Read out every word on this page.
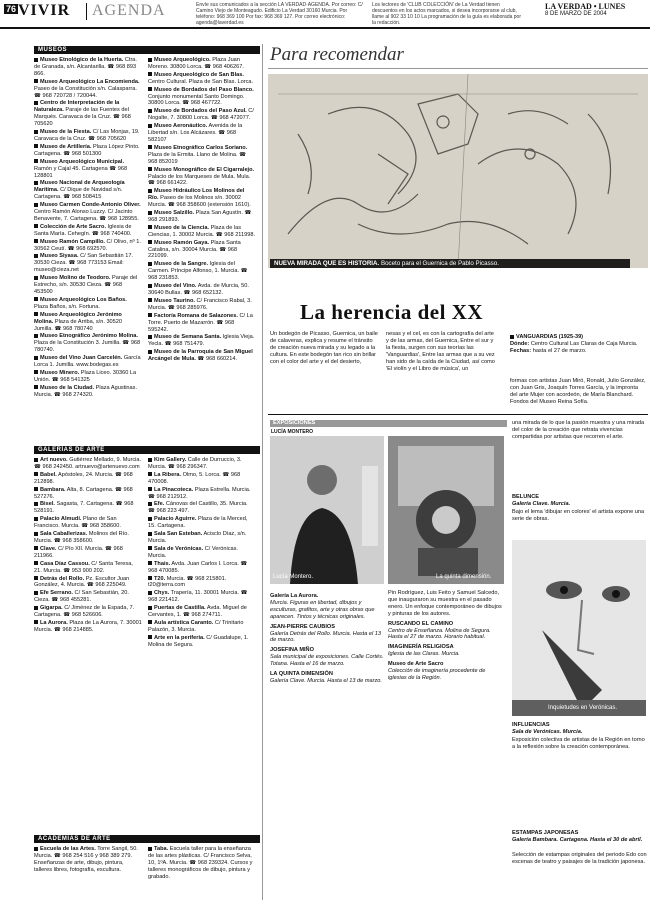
76 VIVIR AGENDA	Envíe sus comunicados a la sección LA VERDAD·AGENDA. Por correo: C/ Camino Viejo de Monteagudo. Edificio La Verdad 30160 Murcia. Por teléfono: 968 369 100 Por fax: 968 369 127. Por correo electrónico: agenda@laverdad.es
Los lectores de 'CLUB COLECCIÓN' de La Verdad tienen descuentos en los actos marcados, si desea incorporarse al club, llame al 902 33 10 10 La programación de la guía es elaborada por la redacción.
LA VERDAD • LUNES
8 DE MARZO DE 2004
MUSEOS
Museo Etnológico de la Huerta. Ctra. de Granada, s/n. Alcantarilla. ☎ 968 893 866.
Museo Arqueológico La Encomienda. Paseo de la Constitución s/n. Calasparra. ☎ 968 720728 / 720044.
Centro de Interpretación de la Naturaleza. Paraje de las Fuentes del Marqués. Caravaca de la Cruz. ☎ 968 705620
Museo de la Fiesta. C/ Las Monjas, 19. Caravaca de la Cruz. ☎ 968 705620
Museo de Artillería. Plaza López Pinto. Cartagena. ☎ 968 501300
Museo Arqueológico Municipal. Ramón y Cajal 45. Cartagena ☎ 968 128801
Museo Nacional de Arqueología Marítima. C/ Dique de Navidad s/n. Cartagena. ☎ 968 508415
Museo Carmen Conde-Antonio Oliver. Centro Ramón Alonso Luzzy. C/ Jacinto Benavente, 7. Cartagena. ☎ 968 128955.
Colección de Arte Sacro. Iglesia de Santa María. Cehegín. ☎ 968 740400.
Museo Ramón Campillo. C/ Olivo, nº 1. 30562 Ceutí. ☎ 968 692570.
Museo Siyasa. C/ San Sebastián 17. 30530 Cieza. ☎ 968 773153 Email: museo@cieza.net
Museo Molino de Teodoro. Paraje del Estrecho, s/n. 30530 Cieza. ☎ 968 453500
Museo Arqueológico Los Baños. Plaza Baños, s/n. Fortuna.
Museo Arqueológico Jerónimo Molina. Plaza de Arriba, s/n. 30520 Jumilla. ☎ 968 780740
Museo Etnográfico Jerónimo Molina. Plaza de la Constitución 3. Jumilla. ☎ 968 780740.
Museo del Vino Juan Carcelén. García Lorca 1. Jumilla. www.bodegas.es
Museo Minero. Plaza Liceo. 30360 La Unión. ☎ 968 541325
Museo de la Ciudad. Plaza Agustinas. Murcia. ☎ 968 274320.
Museo Arqueológico. Plaza Juan Moreno. 30800 Lorca. ☎ 968 406267.
Museo Arqueológico de San Blas. Centro Cultural. Plaza de San Blas. Lorca.
Museo de Bordados del Paso Blanco. Conjunto monumental Santo Domingo. 30800 Lorca. ☎ 968 467722.
Museo de Bordados del Paso Azul. C/ Nogalte, 7. 30800 Lorca. ☎ 968 472077.
Museo Aeronáutico. Avenida de la Libertad s/n. Los Alcázares. ☎ 968 582107
Museo Etnográfico Carlos Soriano. Plaza de la Ermita. Llano de Molina. ☎ 968 852019
Museo Monográfico de El Cigarralejo. Palacio de los Marqueses de Mula. Mula. ☎ 968 661422.
Museo Hidráulico Los Molinos del Río. Paseo de los Molinos s/n. 30002 Murcia. ☎ 968 358600 (extensión 1610).
Museo Salzillo. Plaza San Agustín. ☎ 968 291893.
Museo de la Ciencia. Plaza de las Ciencias, 1. 30002 Murcia. ☎ 968 211998.
Museo Ramón Gaya. Plaza Santa Catalina, s/n. 30004 Murcia. ☎ 968 221099.
Museo de la Sangre. Iglesia del Carmen. Príncipe Alfonso, 1. Murcia. ☎ 968 231853.
Museo del Vino. Avda. de Murcia, 50. 30640 Bullas. ☎ 968 652132.
Museo Taurino. C/ Francisco Rabal, 3. Murcia. ☎ 968 285976.
Factoría Romana de Salazones. C/ La Torre. Puerto de Mazarrón. ☎ 968 595242.
Museo de Semana Santa. Iglesia Vieja. Yecla. ☎ 968 751479.
Museo de la Parroquia de San Miguel Arcángel de Mula. ☎ 968 660214.
GALERÍAS DE ARTE
Art nuevo. Gutiérrez Mellado, 9. Murcia. ☎ 968 242450. artnuevo@artenuevo.com
Babel. Apóstoles, 24. Murcia. ☎ 968 212898.
Bambara. Alta, 8. Cartagena. ☎ 968 527276.
Bisel. Sagasta, 7. Cartagena. ☎ 968 528191.
Palacio Almudí. Plano de San Francisco. Murcia. ☎ 968 358600.
Sala Caballerizas. Molinos del Río. Murcia. ☎ 968 358600.
Clave. C/ Pío XII. Murcia. ☎ 968 211966.
Casa Díaz Cassou. C/ Santa Teresa, 21. Murcia. ☎ 953 900 202.
Detrás del Rollo. Pz. Escultor Juan González, 4. Murcia. ☎ 968 225049.
Efe Serrano. C/ San Sebastián, 20. Cieza. ☎ 968 455281.
Gigarpa. C/ Jiménez de la Espada, 7. Cartagena. ☎ 968 526606.
La Aurora. Plaza de La Aurora, 7. 30001 Murcia. ☎ 968 214885.
Kim Gallery. Calle de Durruccio, 3. Murcia. ☎ 968 296347.
La Ribera. Olmo, 5. Lorca. ☎ 968 470008.
La Pinacoteca. Plaza Estrella. Murcia. ☎ 968 212912.
Efe. Cánovas del Castillo, 35. Murcia. ☎ 968 223 497.
Palacio Aguirre. Plaza de la Merced, 15. Cartagena.
Sala San Esteban. Acisclo Díaz, s/n. Murcia.
Sala de Verónicas. C/ Verónicas. Murcia.
Thais. Avda. Juan Carlos I. Lorca. ☎ 968 470085.
T20. Murcia. ☎ 968 215801. t20@terra.com
Chys. Trapería, 11. 30001 Murcia. ☎ 968 221412.
Puertas de Castilla. Avda. Miguel de Cervantes, 1. ☎ 968 274711.
Aula artística Caranto. C/ Trinitario Palazón, 3. Murcia.
Arte en la periferia. C/ Guadalupe, 1. Molina de Segura.
ACADEMIAS DE ARTE
Escuela de las Artes. Torre Sangil, 50. Murcia. ☎ 968 254 516 y 968 389 279. Enseñanzas de arte, dibujo, pintura, talleres libres, fotografía, escultura.
Taba. Escuela taller para la enseñanza de las artes plásticas. C/ Francisco Selva, 10, 1ºA. Murcia. ☎ 968 239324. Cursos y talleres monográficos de dibujo, pintura y grabado.
Para recomendar
NUEVA MIRADA QUE ES HISTORIA. Boceto para el Guernica de Pablo Picasso.
La herencia del XX
Un bodegón de Picasso, Guernica, un baile de calaveras, explica y resume el tránsito de creación nueva mirada y su legado a la cultura. En este bodegón tan rico sin brillar con el color del arte y el del desierto,
nesas y el cel, es con la cartografía del arte y de las armas, del Guernica, Entre el sur y la fiesta, surgen con sus teorías las 'Vanguardias', Entre las armas que a su vez han sido de la caída de la Ciudad, así como 'El violín y el Libro de música', un
VANGUARDIAS (1925-39)
Dónde: Centro Cultural Las Claras de Caja Murcia.
Fechas: hasta el 27 de marzo.
formas con artistas Juan Miró, Ronald, Julio González, con Juan Gris, Joaquín Torres García, y la impronta del arte Mujer con acordeón, de María Blanchard. Fondos del Museo Reina Sofía.
EXPOSICIONES
LUCÍA MONTERO
Lucía Montero.	La quinta dimensión.
Galería La Aurora.
Murcia. Figuras en libertad, dibujos y esculturas, grafitos, arte y otras obras que aparecen. Tintos y técnicas originales.
JEAN-PIERRE CAUBIOS
Galería Detrás del Rollo. Murcia. Hasta el 13 de marzo.
JOSEFINA MIÑO
Sala municipal de exposiciones. Calle Cortés. Totana. Hasta el 16 de marzo.
LA QUINTA DIMENSIÓN
Galería Clave. Murcia. Hasta el 13 de marzo.
Pin Rodríguez, Luis Feito y Samuel Salcedo, que inauguraron su muestra en el pasado enero. Un enfoque contemporáneo de dibujos y pinturas de los autores.
RUSCANDO EL CAMINO
Centro de Enseñanza. Molina de Segura. Hasta el 27 de marzo. Horario habitual.
IMAGINERÍA RELIGIOSA
Iglesia de las Claras. Murcia.
Museo de Arte Sacro
Colección de imaginería procedente de iglesias de la Región.
una mirada de lo que la pasión muestra y una mirada del color de la creación que retrata vivencias compartidas por artistas que recorren el arte.
BELUNCE
Galería Clave. Murcia.
Bajo el lema 'dibujar en colores' el artista expone una serie de obras.
Inquietudes en Verónicas.
INFLUENCIAS
Sala de Verónicas. Murcia.
Exposición colectiva de artistas de la Región en torno a la reflexión sobre la creación contemporánea.
ESTAMPAS JAPONESAS
Galería Bambara. Cartagena. Hasta el 30 de abril.
Selección de estampas originales del periodo Edo con escenas de teatro y paisajes de la tradición japonesa.
